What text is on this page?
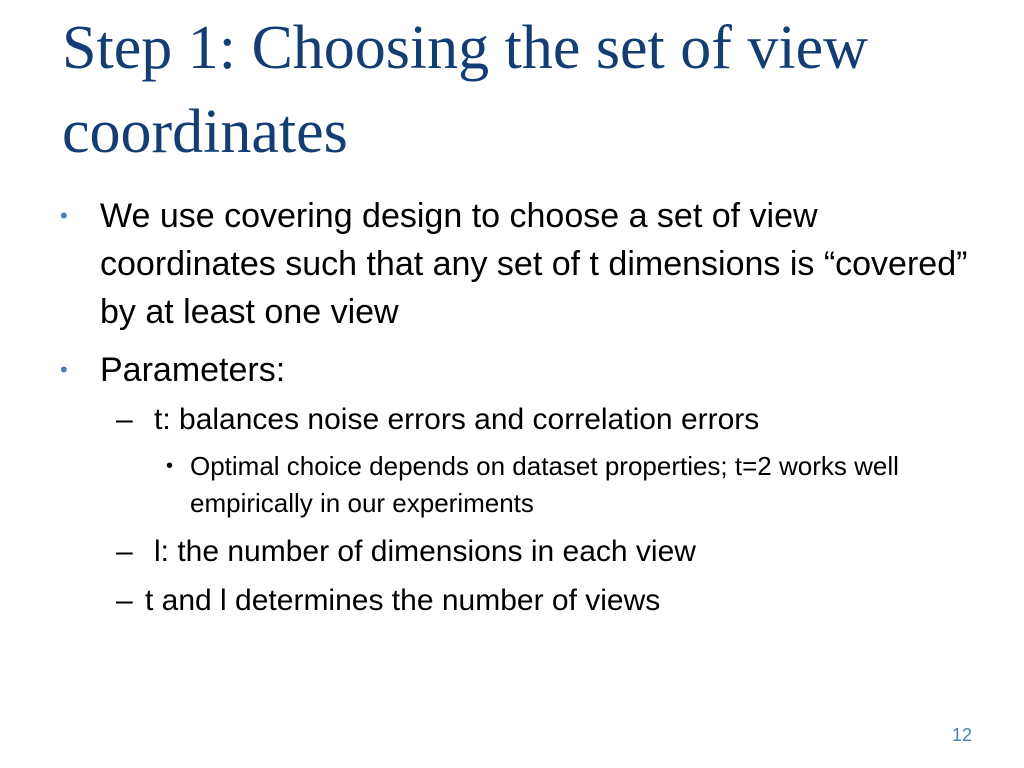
Step 1: Choosing the set of view coordinates
• We use covering design to choose a set of view coordinates such that any set of t dimensions is “covered” by at least one view
• Parameters:
– t: balances noise errors and correlation errors
• Optimal choice depends on dataset properties; t=2 works well empirically in our experiments
– l: the number of dimensions in each view
– t and l determines the number of views
12
